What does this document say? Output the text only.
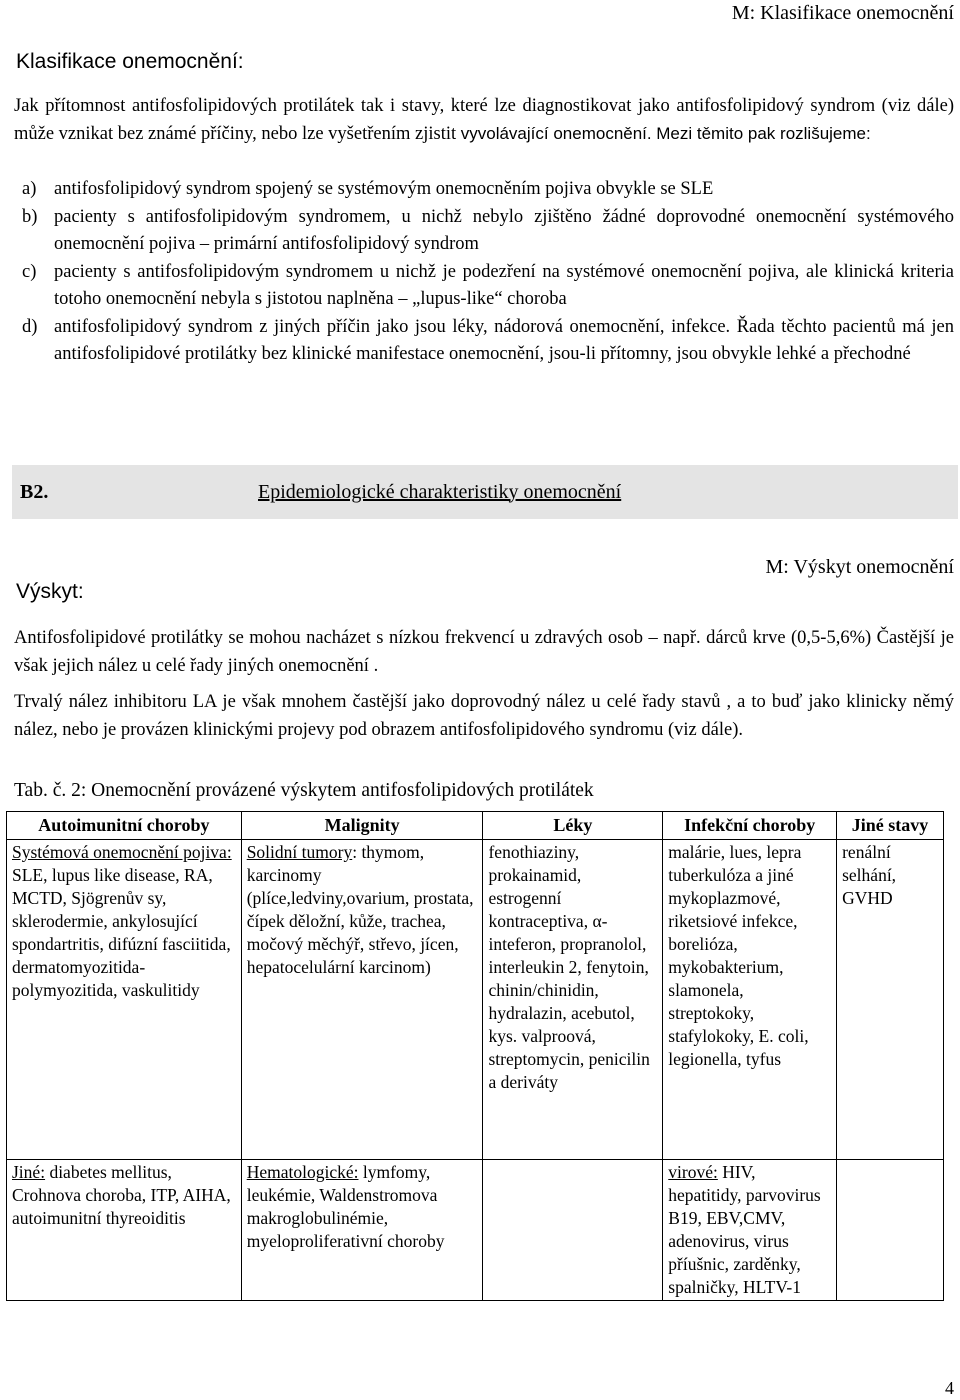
M: Klasifikace onemocnění
Klasifikace onemocnění:
Jak přítomnost antifosfolipidových protilátek tak i stavy, které lze diagnostikovat jako antifosfolipidový syndrom (viz dále) může vznikat bez známé příčiny, nebo lze vyšetřením zjistit vyvolávající onemocnění. Mezi těmito pak rozlišujeme:
a) antifosfolipidový syndrom spojený se systémovým onemocněním pojiva obvykle se SLE
b) pacienty s antifosfolipidovým syndromem, u nichž nebylo zjištěno žádné doprovodné onemocnění systémového onemocnění pojiva – primární antifosfolipidový syndrom
c) pacienty s antifosfolipidovým syndromem u nichž je podezření na systémové onemocnění pojiva, ale klinická kriteria totoho onemocnění nebyla s jistotou naplněna – „lupus-like“ choroba
d) antifosfolipidový syndrom z jiných příčin jako jsou léky, nádorová onemocnění, infekce. Řada těchto pacientů má jen antifosfolipidové protilátky bez klinické manifestace onemocnění, jsou-li přítomny, jsou obvykle lehké a přechodné
B2.	Epidemiologické charakteristiky onemocnění
M: Výskyt onemocnění
Výskyt:
Antifosfolipidové protilátky se mohou nacházet s nízkou frekvencí u zdravých osob – např. dárců krve (0,5-5,6%) Častější je však jejich nález u celé řady jiných onemocnění .
Trvalý nález inhibitoru LA je však mnohem častější jako doprovodný nález u celé řady stavů , a to buď jako klinicky němý nález, nebo je provázen klinickými projevy pod obrazem antifosfolipidového syndromu (viz dále).
Tab. č. 2: Onemocnění provázené výskytem antifosfolipidových protilátek
Autoimunitní choroby	Malignity	Léky	Infekční choroby	Jiné stavy
Systémová onemocnění pojiva: SLE, lupus like disease, RA, MCTD, Sjögrenův sy, sklerodermie, ankylosující spondartritis, difúzní fasciitida, dermatomyozitida-polymyozitida, vaskulitidy	Solidní tumory: thymom, karcinomy (plíce,ledviny,ovarium, prostata, čípek děložní, kůže, trachea, močový měchýř, střevo, jícen, hepatocelulární karcinom)	fenothiaziny, prokainamid, estrogenní kontraceptiva, α-inteferon, propranolol, interleukin 2, fenytoin, chinin/chinidin, hydralazin, acebutol, kys. valproová, streptomycin, penicilin a deriváty	malárie, lues, lepra tuberkulóza a jiné mykoplazmové, riketsiové infekce, borelióza, mykobakterium, slamonela, streptokoky, stafylokoky, E. coli, legionella, tyfus	renální selhání, GVHD
Jiné: diabetes mellitus, Crohnova choroba, ITP, AIHA, autoimunitní thyreoiditis	Hematologické: lymfomy, leukémie, Waldenstromova makroglobulinémie, myeloproliferativní choroby		virové: HIV, hepatitidy, parvovirus B19, EBV,CMV, adenovirus, virus příušnic, zarděnky, spalničky, HLTV-1	
4
